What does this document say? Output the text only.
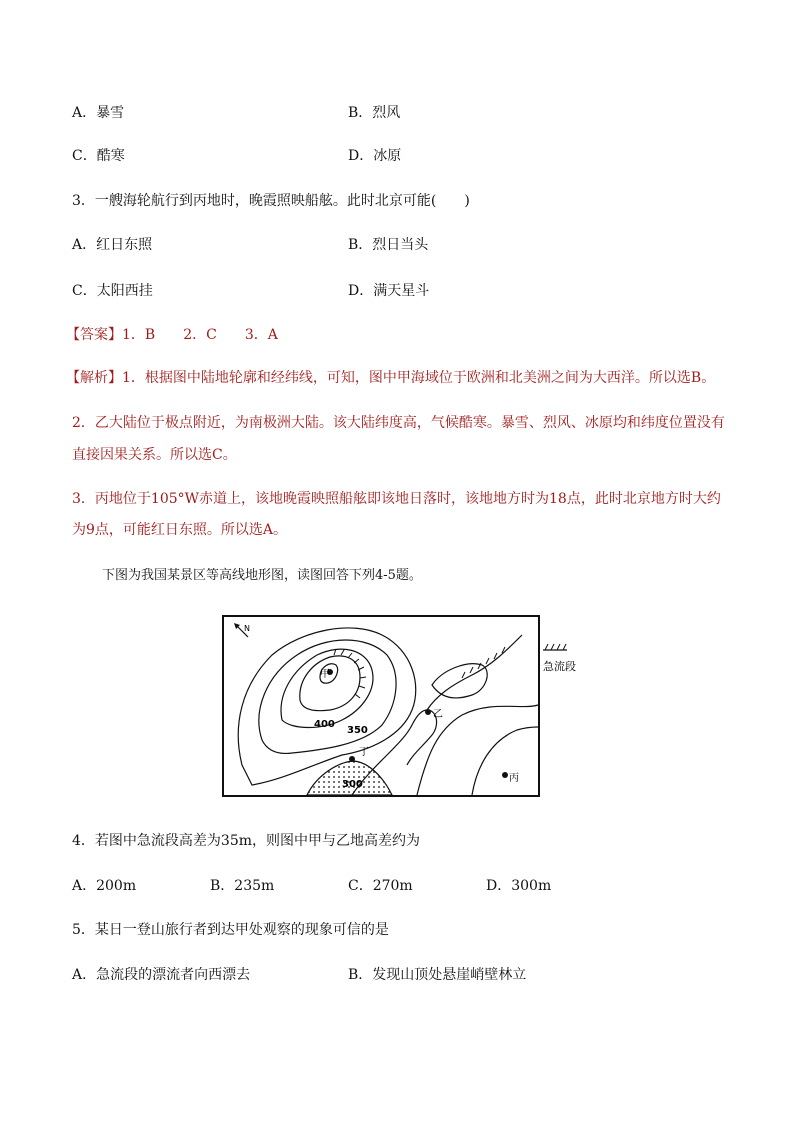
A．暴雪	B．烈风
C．酷寒	D．冰原
3．一艘海轮航行到丙地时，晚霞照映船舷。此时北京可能(　　)
A．红日东照	B．烈日当头
C．太阳西挂	D．满天星斗
【答案】1．B　　2．C　　3．A
【解析】1．根据图中陆地轮廓和经纬线，可知，图中甲海域位于欧洲和北美洲之间为大西洋。所以选B。
2．乙大陆位于极点附近，为南极洲大陆。该大陆纬度高，气候酷寒。暴雪、烈风、冰原均和纬度位置没有
直接因果关系。所以选C。
3．丙地位于105°W赤道上，该地晚霞映照船舷即该地日落时，该地地方时为18点，此时北京地方时大约
为9点，可能红日东照。所以选A。
下图为我国某景区等高线地形图，读图回答下列4-5题。
甲
乙
丙
丁
400
350
300
N
急流段
4．若图中急流段高差为35m，则图中甲与乙地高差约为
A．200m	B．235m	C．270m	D．300m
5．某日一登山旅行者到达甲处观察的现象可信的是
A．急流段的漂流者向西漂去	B．发现山顶处悬崖峭壁林立
